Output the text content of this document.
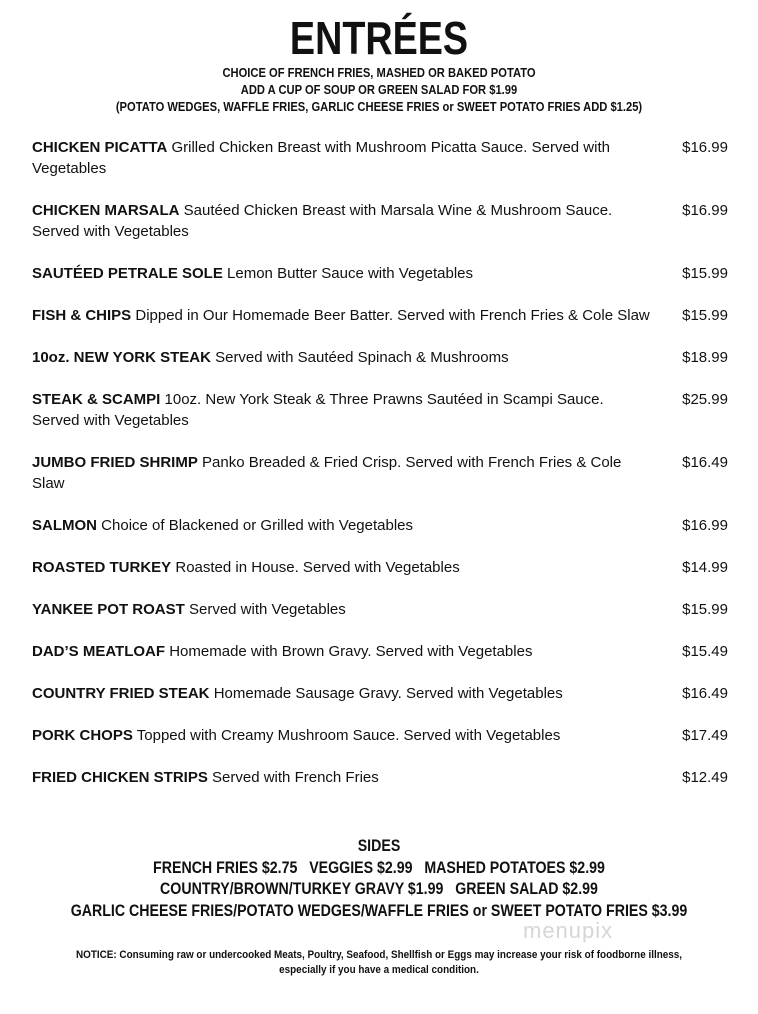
ENTRÉES
CHOICE OF FRENCH FRIES, MASHED OR BAKED POTATO
ADD A CUP OF SOUP OR GREEN SALAD FOR $1.99
(POTATO WEDGES, WAFFLE FRIES, GARLIC CHEESE FRIES or SWEET POTATO FRIES ADD $1.25)
CHICKEN PICATTA Grilled Chicken Breast with Mushroom Picatta Sauce. Served with Vegetables
$16.99
CHICKEN MARSALA Sautéed Chicken Breast with Marsala Wine & Mushroom Sauce. Served with Vegetables
$16.99
SAUTÉED PETRALE SOLE Lemon Butter Sauce with Vegetables	$15.99
FISH & CHIPS Dipped in Our Homemade Beer Batter. Served with French Fries & Cole Slaw $15.99
10oz. NEW YORK STEAK Served with Sautéed Spinach & Mushrooms	$18.99
STEAK & SCAMPI 10oz. New York Steak & Three Prawns Sautéed in Scampi Sauce. Served with Vegetables
$25.99
JUMBO FRIED SHRIMP Panko Breaded & Fried Crisp. Served with French Fries & Cole Slaw
$16.49
SALMON Choice of Blackened or Grilled with Vegetables	$16.99
ROASTED TURKEY Roasted in House. Served with Vegetables	$14.99
YANKEE POT ROAST Served with Vegetables	$15.99
DAD’S MEATLOAF Homemade with Brown Gravy. Served with Vegetables	$15.49
COUNTRY FRIED STEAK Homemade Sausage Gravy. Served with Vegetables	$16.49
PORK CHOPS Topped with Creamy Mushroom Sauce. Served with Vegetables	$17.49
FRIED CHICKEN STRIPS Served with French Fries	$12.49
SIDES
FRENCH FRIES $2.75   VEGGIES $2.99   MASHED POTATOES $2.99
COUNTRY/BROWN/TURKEY GRAVY $1.99   GREEN SALAD $2.99
GARLIC CHEESE FRIES/POTATO WEDGES/WAFFLE FRIES or SWEET POTATO FRIES $3.99
menupix
NOTICE: Consuming raw or undercooked Meats, Poultry, Seafood, Shellfish or Eggs may increase your risk of foodborne illness,
especially if you have a medical condition.
